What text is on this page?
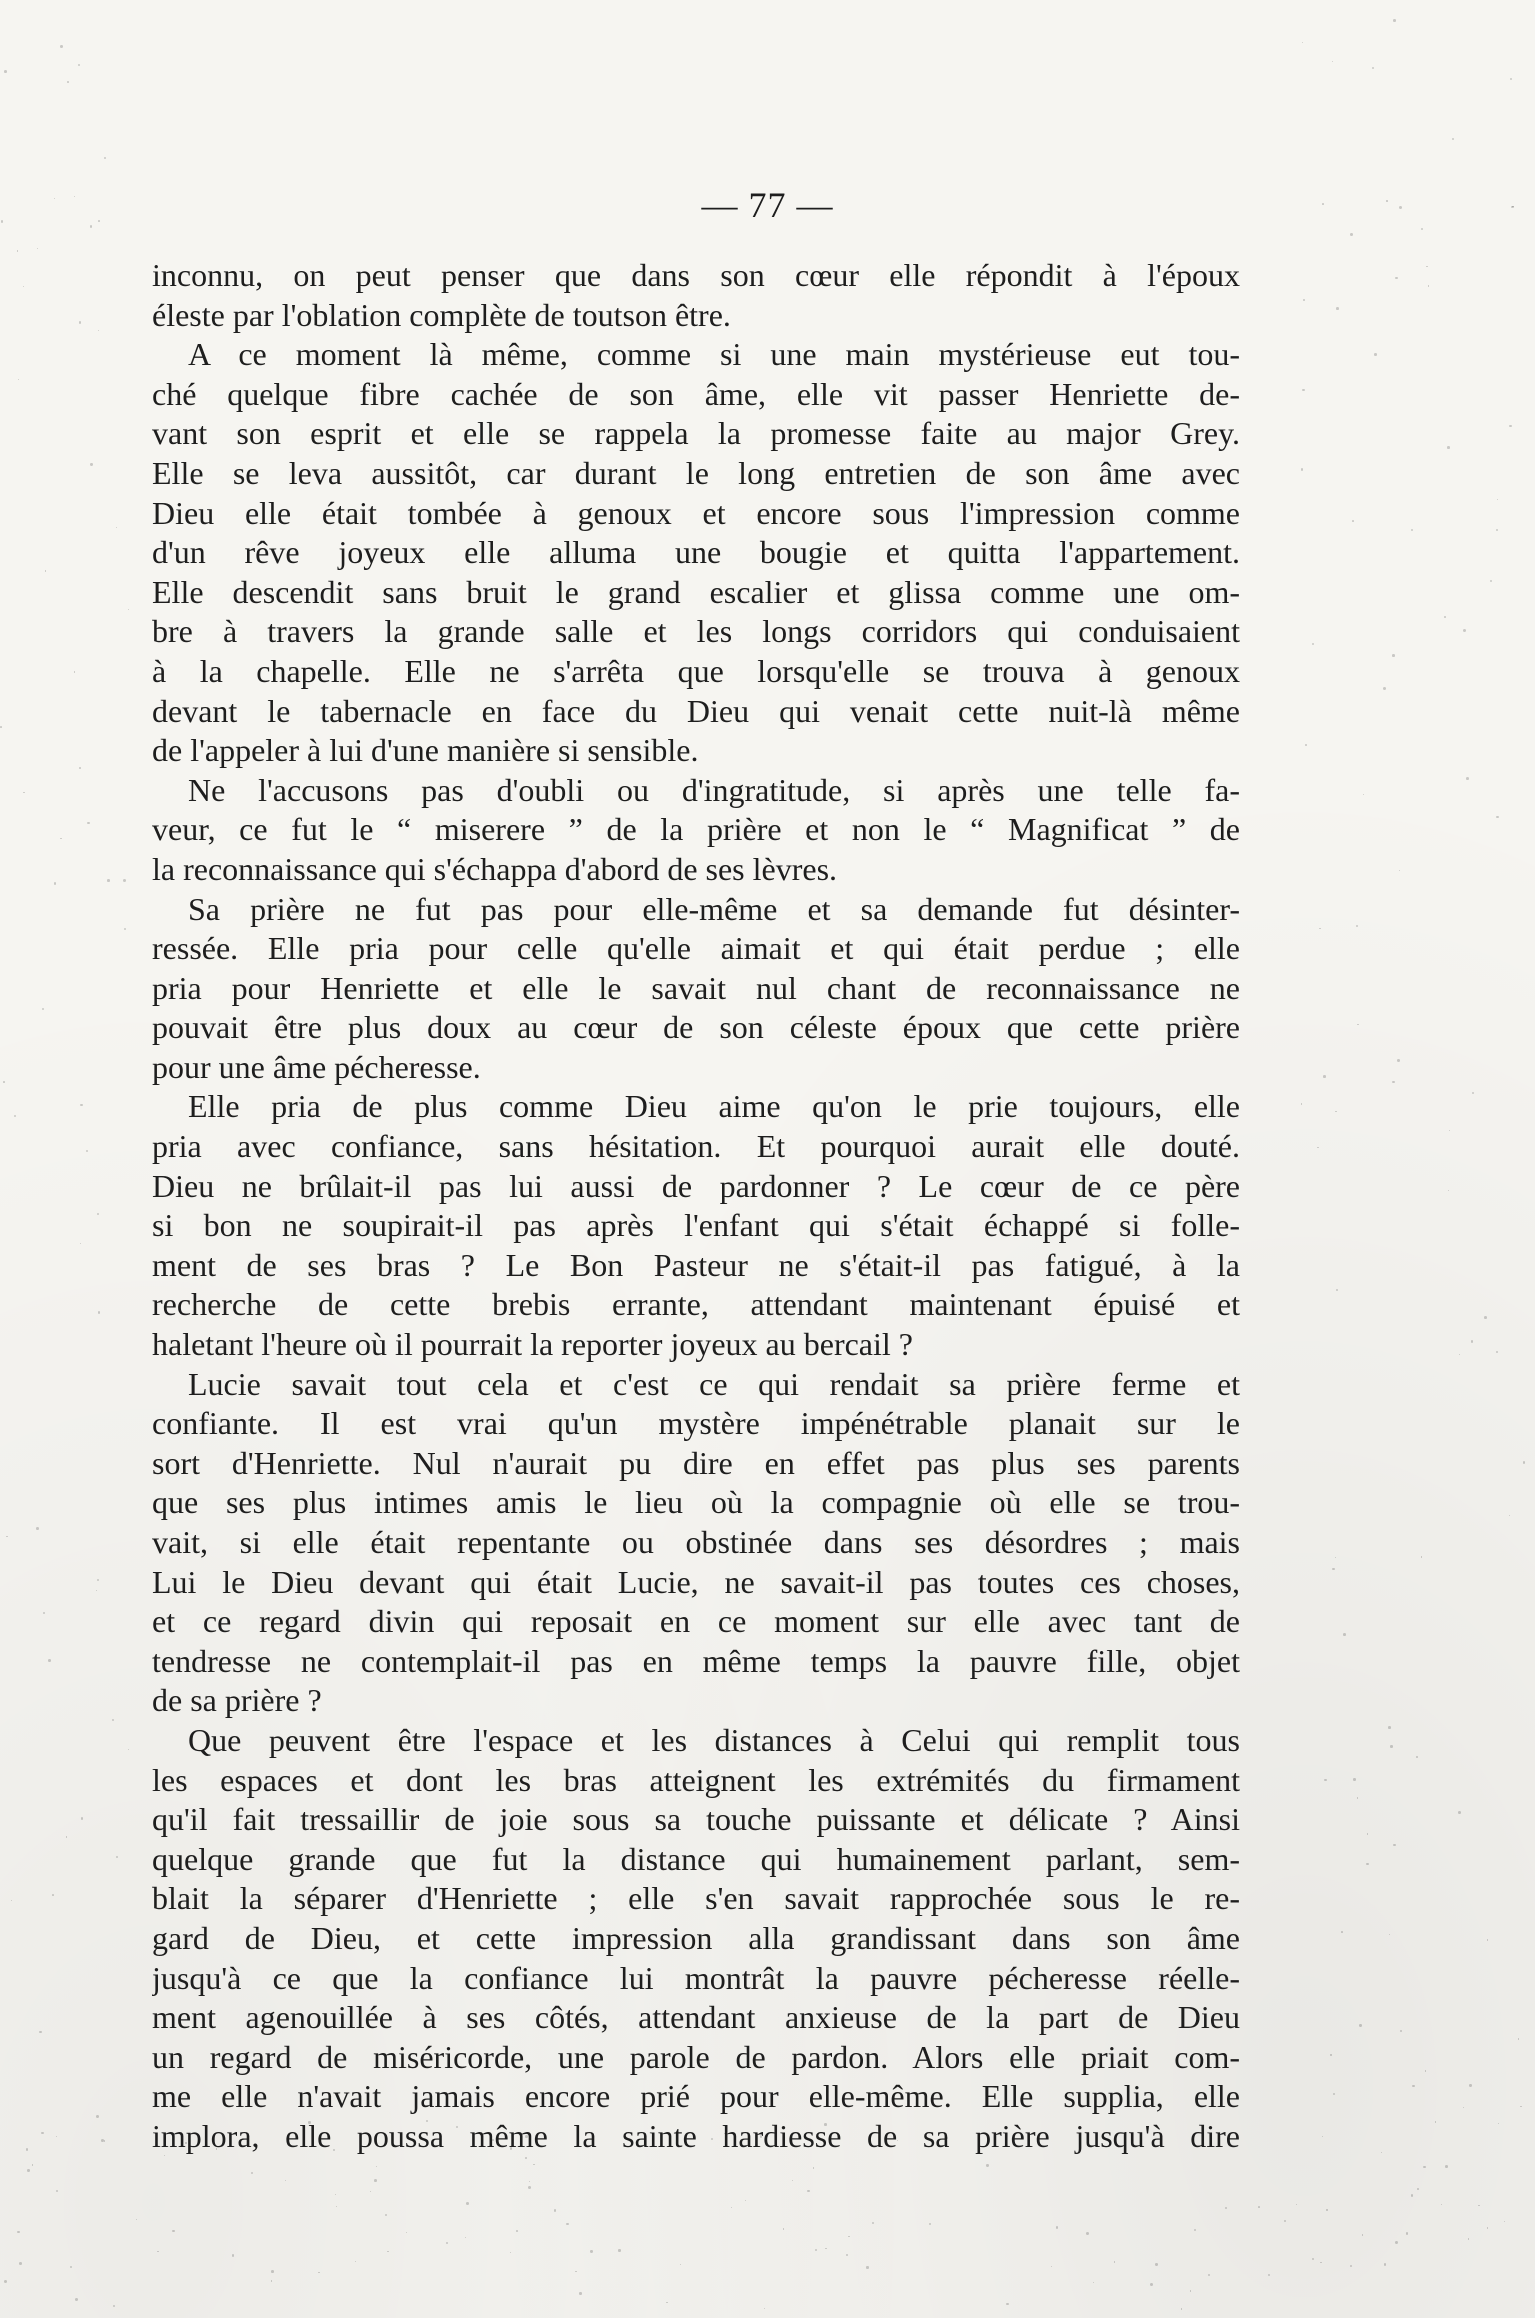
— 77 —
inconnu, on peut penser que dans son cœur elle répondit à l'époux
éleste par l'oblation complète de toutson être.
A ce moment là même, comme si une main mystérieuse eut tou-
ché quelque fibre cachée de son âme, elle vit passer Henriette de-
vant son esprit et elle se rappela la promesse faite au major Grey.
Elle se leva aussitôt, car durant le long entretien de son âme avec
Dieu elle était tombée à genoux et encore sous l'impression comme
d'un rêve joyeux elle alluma une bougie et quitta l'appartement.
Elle descendit sans bruit le grand escalier et glissa comme une om-
bre à travers la grande salle et les longs corridors qui conduisaient
à la chapelle. Elle ne s'arrêta que lorsqu'elle se trouva à genoux
devant le tabernacle en face du Dieu qui venait cette nuit-là même
de l'appeler à lui d'une manière si sensible.
Ne l'accusons pas d'oubli ou d'ingratitude, si après une telle fa-
veur, ce fut le “ miserere ” de la prière et non le “ Magnificat ” de
la reconnaissance qui s'échappa d'abord de ses lèvres.
Sa prière ne fut pas pour elle-même et sa demande fut désinter-
ressée. Elle pria pour celle qu'elle aimait et qui était perdue ; elle
pria pour Henriette et elle le savait nul chant de reconnaissance ne
pouvait être plus doux au cœur de son céleste époux que cette prière
pour une âme pécheresse.
Elle pria de plus comme Dieu aime qu'on le prie toujours, elle
pria avec confiance, sans hésitation. Et pourquoi aurait elle douté.
Dieu ne brûlait-il pas lui aussi de pardonner ? Le cœur de ce père
si bon ne soupirait-il pas après l'enfant qui s'était échappé si folle-
ment de ses bras ? Le Bon Pasteur ne s'était-il pas fatigué, à la
recherche de cette brebis errante, attendant maintenant épuisé et
haletant l'heure où il pourrait la reporter joyeux au bercail ?
Lucie savait tout cela et c'est ce qui rendait sa prière ferme et
confiante. Il est vrai qu'un mystère impénétrable planait sur le
sort d'Henriette. Nul n'aurait pu dire en effet pas plus ses parents
que ses plus intimes amis le lieu où la compagnie où elle se trou-
vait, si elle était repentante ou obstinée dans ses désordres ; mais
Lui le Dieu devant qui était Lucie, ne savait-il pas toutes ces choses,
et ce regard divin qui reposait en ce moment sur elle avec tant de
tendresse ne contemplait-il pas en même temps la pauvre fille, objet
de sa prière ?
Que peuvent être l'espace et les distances à Celui qui remplit tous
les espaces et dont les bras atteignent les extrémités du firmament
qu'il fait tressaillir de joie sous sa touche puissante et délicate ? Ainsi
quelque grande que fut la distance qui humainement parlant, sem-
blait la séparer d'Henriette ; elle s'en savait rapprochée sous le re-
gard de Dieu, et cette impression alla grandissant dans son âme
jusqu'à ce que la confiance lui montrât la pauvre pécheresse réelle-
ment agenouillée à ses côtés, attendant anxieuse de la part de Dieu
un regard de miséricorde, une parole de pardon. Alors elle priait com-
me elle n'avait jamais encore prié pour elle-même. Elle supplia, elle
implora, elle poussa même la sainte hardiesse de sa prière jusqu'à dire
